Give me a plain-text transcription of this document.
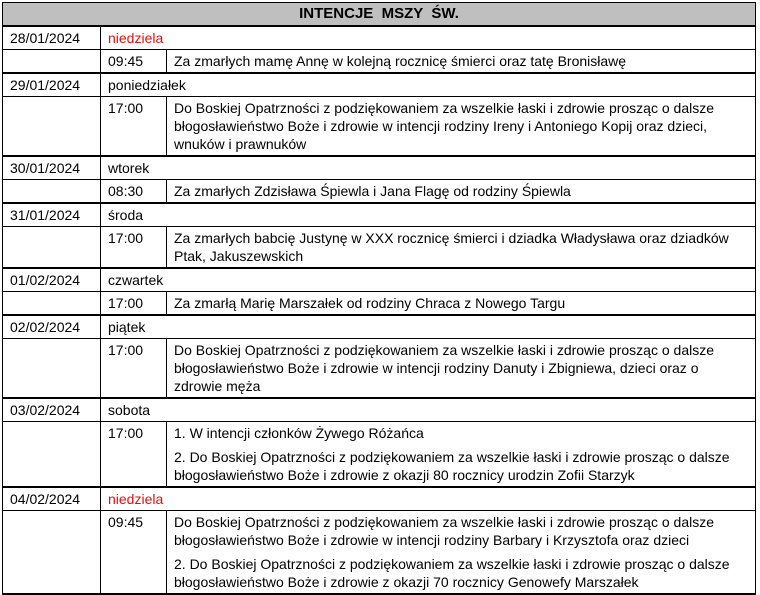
INTENCJE  MSZY  ŚW.		
28/01/2024	niedziela	
	09:45	Za zmarłych mamę Annę w kolejną rocznicę śmierci oraz tatę Bronisławę

29/01/2024	poniedziałek	
	17:00	Do Boskiej Opatrzności z podziękowaniem za wszelkie łaski i zdrowie prosząc o dalsze błogosławieństwo Boże i zdrowie w intencji rodziny Ireny i Antoniego Kopij oraz dzieci, wnuków i prawnuków

30/01/2024	wtorek	
	08:30	Za zmarłych Zdzisława Śpiewla i Jana Flagę od rodziny Śpiewla

31/01/2024	środa	
	17:00	Za zmarłych babcię Justynę w XXX rocznicę śmierci i dziadka Władysława oraz dziadków Ptak, Jakuszewskich

01/02/2024	czwartek	
	17:00	Za zmarłą Marię Marszałek od rodziny Chraca z Nowego Targu

02/02/2024	piątek	
	17:00	Do Boskiej Opatrzności z podziękowaniem za wszelkie łaski i zdrowie prosząc o dalsze błogosławieństwo Boże i zdrowie w intencji rodziny Danuty i Zbigniewa, dzieci oraz o zdrowie męża

03/02/2024	sobota	
	17:00	1. W intencji członków Żywego Różańca

2. Do Boskiej Opatrzności z podziękowaniem za wszelkie łaski i zdrowie prosząc o dalsze błogosławieństwo Boże i zdrowie z okazji 80 rocznicy urodzin Zofii Starzyk

04/02/2024	niedziela	
	09:45	Do Boskiej Opatrzności z podziękowaniem za wszelkie łaski i zdrowie prosząc o dalsze błogosławieństwo Boże i zdrowie w intencji rodziny Barbary i Krzysztofa oraz dzieci

2. Do Boskiej Opatrzności z podziękowaniem za wszelkie łaski i zdrowie prosząc o dalsze błogosławieństwo Boże i zdrowie z okazji 70 rocznicy Genowefy Marszałek
